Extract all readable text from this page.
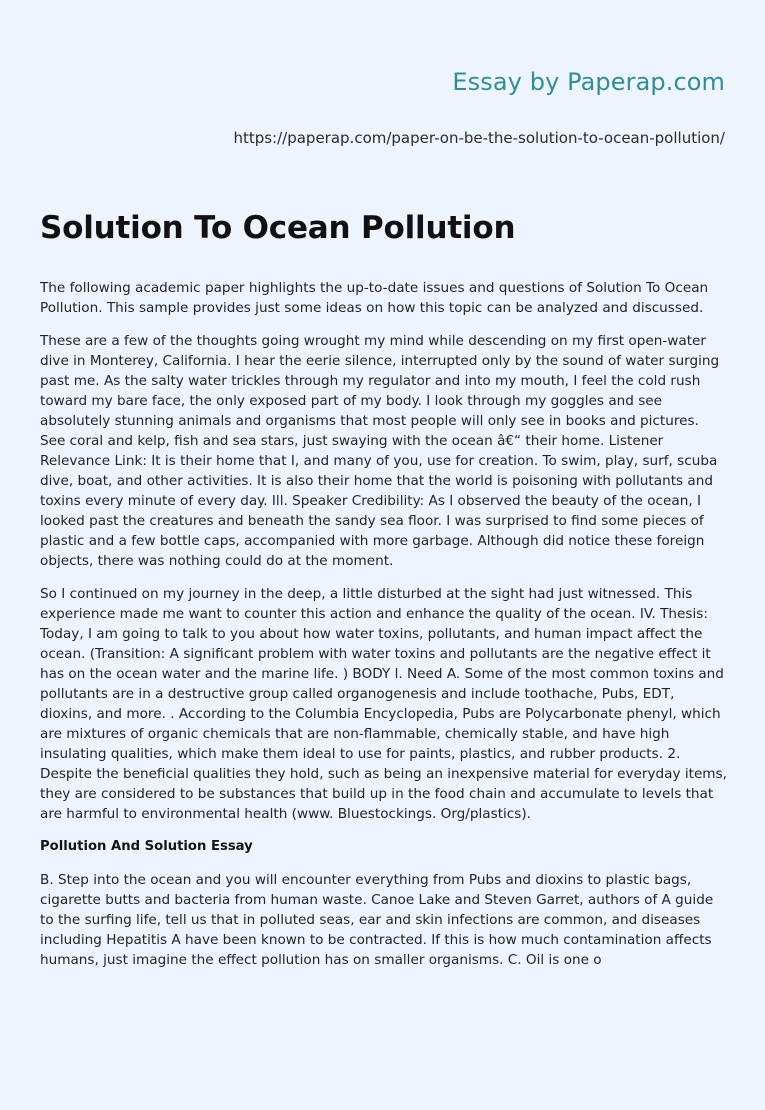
Essay by Paperap.com
https://paperap.com/paper-on-be-the-solution-to-ocean-pollution/
Solution To Ocean Pollution

The following academic paper highlights the up-to-date issues and questions of Solution To Ocean Pollution. This sample provides just some ideas on how this topic can be analyzed and discussed.

These are a few of the thoughts going wrought my mind while descending on my first open-water dive in Monterey, California. I hear the eerie silence, interrupted only by the sound of water surging past me. As the salty water trickles through my regulator and into my mouth, I feel the cold rush toward my bare face, the only exposed part of my body. I look through my goggles and see absolutely stunning animals and organisms that most people will only see in books and pictures. See coral and kelp, fish and sea stars, just swaying with the ocean â€“ their home. Listener Relevance Link: It is their home that I, and many of you, use for creation. To swim, play, surf, scuba dive, boat, and other activities. It is also their home that the world is poisoning with pollutants and toxins every minute of every day. Ill. Speaker Credibility: As I observed the beauty of the ocean, I looked past the creatures and beneath the sandy sea floor. I was surprised to find some pieces of plastic and a few bottle caps, accompanied with more garbage. Although did notice these foreign objects, there was nothing could do at the moment.

So I continued on my journey in the deep, a little disturbed at the sight had just witnessed. This experience made me want to counter this action and enhance the quality of the ocean. IV. Thesis: Today, I am going to talk to you about how water toxins, pollutants, and human impact affect the ocean. (Transition: A significant problem with water toxins and pollutants are the negative effect it has on the ocean water and the marine life. ) BODY l. Need A. Some of the most common toxins and pollutants are in a destructive group called organogenesis and include toothache, Pubs, EDT, dioxins, and more. . According to the Columbia Encyclopedia, Pubs are Polycarbonate phenyl, which are mixtures of organic chemicals that are non-flammable, chemically stable, and have high insulating qualities, which make them ideal to use for paints, plastics, and rubber products. 2. Despite the beneficial qualities they hold, such as being an inexpensive material for everyday items, they are considered to be substances that build up in the food chain and accumulate to levels that are harmful to environmental health (www. Bluestockings. Org/plastics).

Pollution And Solution Essay

B. Step into the ocean and you will encounter everything from Pubs and dioxins to plastic bags, cigarette butts and bacteria from human waste. Canoe Lake and Steven Garret, authors of A guide to the surfing life, tell us that in polluted seas, ear and skin infections are common, and diseases including Hepatitis A have been known to be contracted. If this is how much contamination affects humans, just imagine the effect pollution has on smaller organisms. C. Oil is one o
